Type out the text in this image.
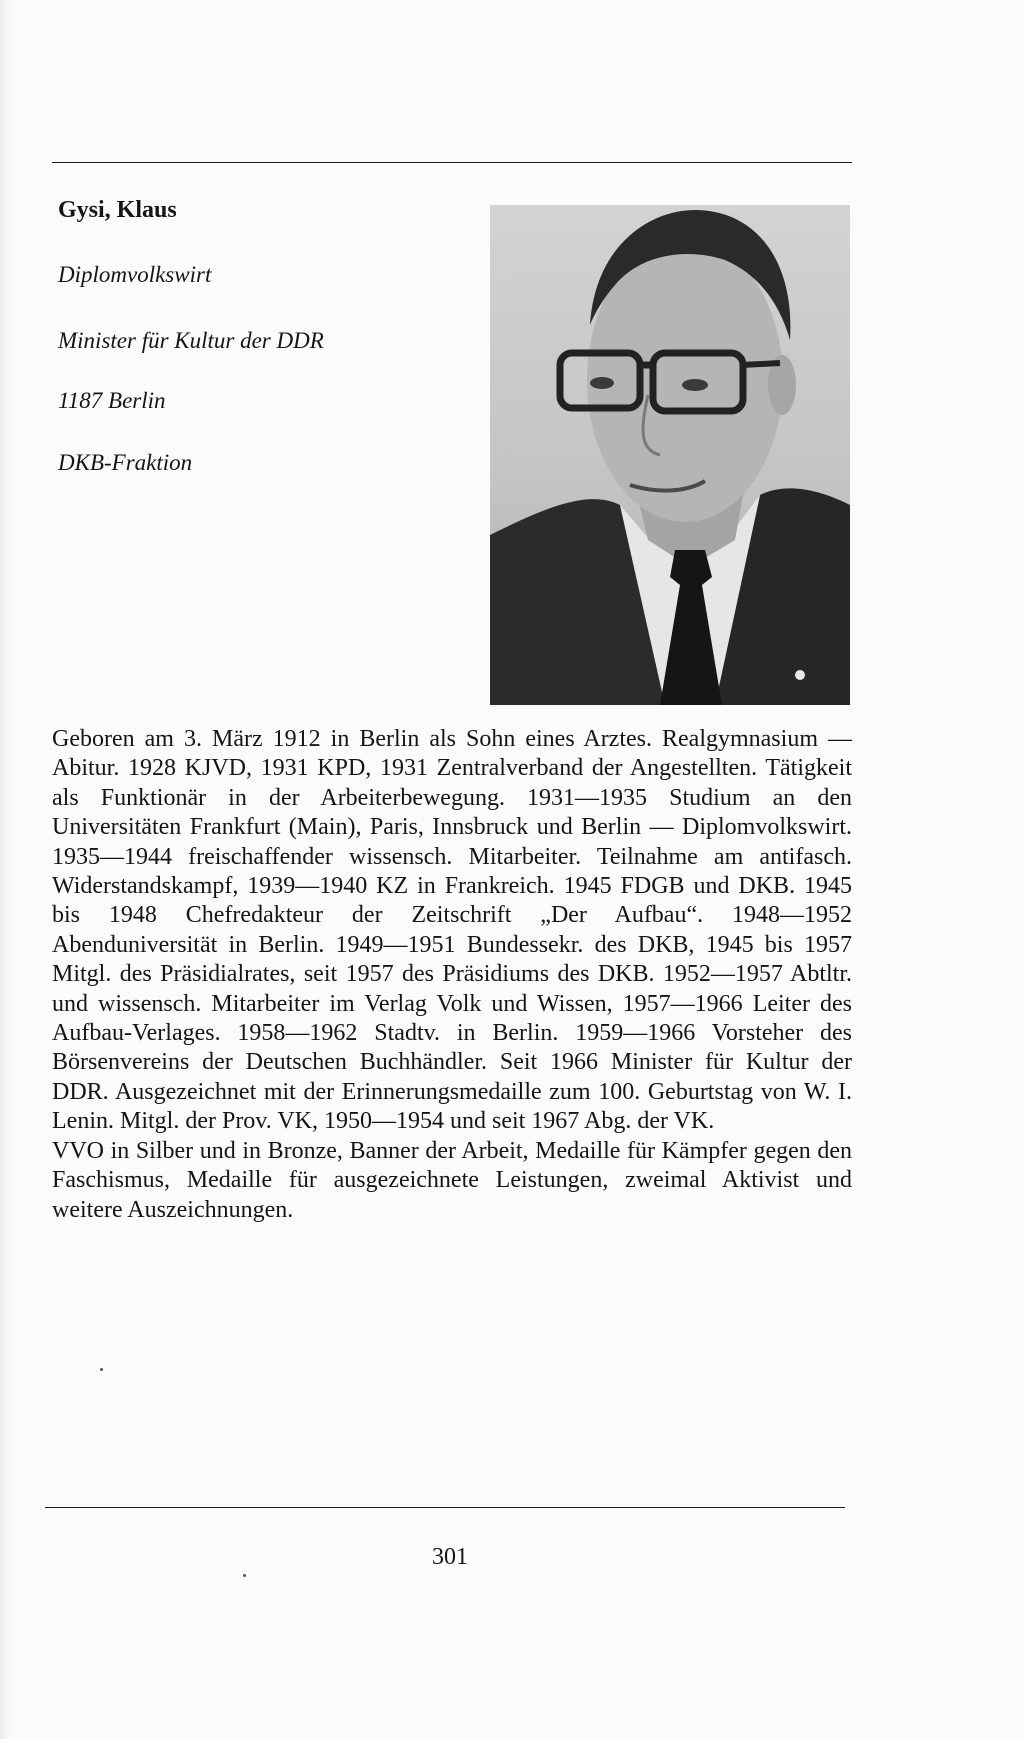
Gysi, Klaus
Diplomvolkswirt
Minister für Kultur der DDR
1187 Berlin
DKB-Fraktion

Geboren am 3. März 1912 in Berlin als Sohn eines Arztes. Realgymnasium — Abitur. 1928 KJVD, 1931 KPD, 1931 Zentralverband der Angestellten. Tätigkeit als Funktionär in der Arbeiterbewegung. 1931—1935 Studium an den Universitäten Frankfurt (Main), Paris, Innsbruck und Berlin — Diplomvolkswirt. 1935—1944 freischaffender wissensch. Mitarbeiter. Teilnahme am antifasch. Widerstandskampf, 1939—1940 KZ in Frankreich. 1945 FDGB und DKB. 1945 bis 1948 Chefredakteur der Zeitschrift „Der Aufbau“. 1948—1952 Abenduniversität in Berlin. 1949—1951 Bundessekr. des DKB, 1945 bis 1957 Mitgl. des Präsidialrates, seit 1957 des Präsidiums des DKB. 1952—1957 Abtltr. und wissensch. Mitarbeiter im Verlag Volk und Wissen, 1957—1966 Leiter des Aufbau-Verlages. 1958—1962 Stadtv. in Berlin. 1959—1966 Vorsteher des Börsenvereins der Deutschen Buchhändler. Seit 1966 Minister für Kultur der DDR. Ausgezeichnet mit der Erinnerungsmedaille zum 100. Geburtstag von W. I. Lenin. Mitgl. der Prov. VK, 1950—1954 und seit 1967 Abg. der VK.

VVO in Silber und in Bronze, Banner der Arbeit, Medaille für Kämpfer gegen den Faschismus, Medaille für ausgezeichnete Leistungen, zweimal Aktivist und weitere Auszeichnungen.

301
